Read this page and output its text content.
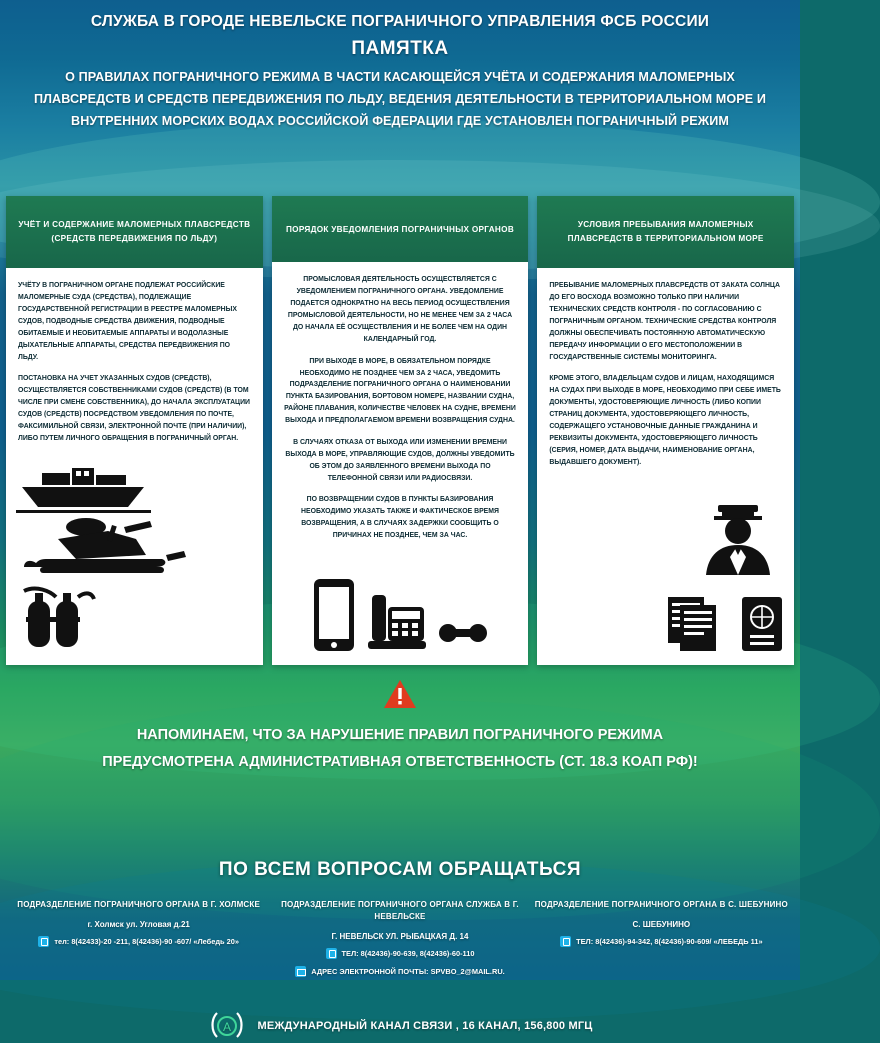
СЛУЖБА В ГОРОДЕ НЕВЕЛЬСКЕ ПОГРАНИЧНОГО УПРАВЛЕНИЯ ФСБ РОССИИ
ПАМЯТКА
О ПРАВИЛАХ ПОГРАНИЧНОГО РЕЖИМА В ЧАСТИ КАСАЮЩЕЙСЯ УЧЁТА И СОДЕРЖАНИЯ МАЛОМЕРНЫХ ПЛАВСРЕДСТВ И СРЕДСТВ ПЕРЕДВИЖЕНИЯ ПО ЛЬДУ, ВЕДЕНИЯ ДЕЯТЕЛЬНОСТИ В ТЕРРИТОРИАЛЬНОМ МОРЕ И ВНУТРЕННИХ МОРСКИХ ВОДАХ РОССИЙСКОЙ ФЕДЕРАЦИИ ГДЕ УСТАНОВЛЕН ПОГРАНИЧНЫЙ РЕЖИМ
УЧЁТ И СОДЕРЖАНИЕ МАЛОМЕРНЫХ ПЛАВСРЕДСТВ (СРЕДСТВ ПЕРЕДВИЖЕНИЯ ПО ЛЬДУ)

УЧЁТУ В ПОГРАНИЧНОМ ОРГАНЕ ПОДЛЕЖАТ РОССИЙСКИЕ МАЛОМЕРНЫЕ СУДА (СРЕДСТВА), ПОДЛЕЖАЩИЕ ГОСУДАРСТВЕННОЙ РЕГИСТРАЦИИ В РЕЕСТРЕ МАЛОМЕРНЫХ СУДОВ, ПОДВОДНЫЕ СРЕДСТВА ДВИЖЕНИЯ, ПОДВОДНЫЕ ОБИТАЕМЫЕ И НЕОБИТАЕМЫЕ АППАРАТЫ И ВОДОЛАЗНЫЕ ДЫХАТЕЛЬНЫЕ АППАРАТЫ, СРЕДСТВА ПЕРЕДВИЖЕНИЯ ПО ЛЬДУ.

ПОСТАНОВКА НА УЧЕТ УКАЗАННЫХ СУДОВ (СРЕДСТВ), ОСУЩЕСТВЛЯЕТСЯ СОБСТВЕННИКАМИ СУДОВ (СРЕДСТВ) (В ТОМ ЧИСЛЕ ПРИ СМЕНЕ СОБСТВЕННИКА), ДО НАЧАЛА ЭКСПЛУАТАЦИИ СУДОВ (СРЕДСТВ) ПОСРЕДСТВОМ УВЕДОМЛЕНИЯ ПО ПОЧТЕ, ФАКСИМИЛЬНОЙ СВЯЗИ, ЭЛЕКТРОННОЙ ПОЧТЕ (ПРИ НАЛИЧИИ), ЛИБО ПУТЕМ ЛИЧНОГО ОБРАЩЕНИЯ В ПОГРАНИЧНЫЙ ОРГАН.

ПОРЯДОК УВЕДОМЛЕНИЯ ПОГРАНИЧНЫХ ОРГАНОВ

ПРОМЫСЛОВАЯ ДЕЯТЕЛЬНОСТЬ ОСУЩЕСТВЛЯЕТСЯ С УВЕДОМЛЕНИЕМ ПОГРАНИЧНОГО ОРГАНА. УВЕДОМЛЕНИЕ ПОДАЕТСЯ ОДНОКРАТНО НА ВЕСЬ ПЕРИОД ОСУЩЕСТВЛЕНИЯ ПРОМЫСЛОВОЙ ДЕЯТЕЛЬНОСТИ, НО НЕ МЕНЕЕ ЧЕМ ЗА 2 ЧАСА ДО НАЧАЛА ЕЁ ОСУЩЕСТВЛЕНИЯ И НЕ БОЛЕЕ ЧЕМ НА ОДИН КАЛЕНДАРНЫЙ ГОД.

ПРИ ВЫХОДЕ В МОРЕ, В ОБЯЗАТЕЛЬНОМ ПОРЯДКЕ НЕОБХОДИМО НЕ ПОЗДНЕЕ ЧЕМ ЗА 2 ЧАСА, УВЕДОМИТЬ ПОДРАЗДЕЛЕНИЕ ПОГРАНИЧНОГО ОРГАНА О НАИМЕНОВАНИИ ПУНКТА БАЗИРОВАНИЯ, БОРТОВОМ НОМЕРЕ, НАЗВАНИИ СУДНА, РАЙОНЕ ПЛАВАНИЯ, КОЛИЧЕСТВЕ ЧЕЛОВЕК НА СУДНЕ, ВРЕМЕНИ ВЫХОДА И ПРЕДПОЛАГАЕМОМ ВРЕМЕНИ ВОЗВРАЩЕНИЯ СУДНА.

В СЛУЧАЯХ ОТКАЗА ОТ ВЫХОДА ИЛИ ИЗМЕНЕНИИ ВРЕМЕНИ ВЫХОДА В МОРЕ, УПРАВЛЯЮЩИЕ СУДОВ, ДОЛЖНЫ УВЕДОМИТЬ ОБ ЭТОМ ДО ЗАЯВЛЕННОГО ВРЕМЕНИ ВЫХОДА ПО ТЕЛЕФОННОЙ СВЯЗИ ИЛИ РАДИОСВЯЗИ.

ПО ВОЗВРАЩЕНИИ СУДОВ В ПУНКТЫ БАЗИРОВАНИЯ НЕОБХОДИМО УКАЗАТЬ ТАКЖЕ И ФАКТИЧЕСКОЕ ВРЕМЯ ВОЗВРАЩЕНИЯ, А В СЛУЧАЯХ ЗАДЕРЖКИ СООБЩИТЬ О ПРИЧИНАХ НЕ ПОЗДНЕЕ, ЧЕМ ЗА ЧАС.

УСЛОВИЯ ПРЕБЫВАНИЯ МАЛОМЕРНЫХ ПЛАВСРЕДСТВ В ТЕРРИТОРИАЛЬНОМ МОРЕ

ПРЕБЫВАНИЕ МАЛОМЕРНЫХ ПЛАВСРЕДСТВ ОТ ЗАКАТА СОЛНЦА ДО ЕГО ВОСХОДА ВОЗМОЖНО ТОЛЬКО ПРИ НАЛИЧИИ ТЕХНИЧЕСКИХ СРЕДСТВ КОНТРОЛЯ - ПО СОГЛАСОВАНИЮ С ПОГРАНИЧНЫМ ОРГАНОМ. ТЕХНИЧЕСКИЕ СРЕДСТВА КОНТРОЛЯ ДОЛЖНЫ ОБЕСПЕЧИВАТЬ ПОСТОЯННУЮ АВТОМАТИЧЕСКУЮ ПЕРЕДАЧУ ИНФОРМАЦИИ О ЕГО МЕСТОПОЛОЖЕНИИ В ГОСУДАРСТВЕННЫЕ СИСТЕМЫ МОНИТОРИНГА.

КРОМЕ ЭТОГО, ВЛАДЕЛЬЦАМ СУДОВ И ЛИЦАМ, НАХОДЯЩИМСЯ НА СУДАХ ПРИ ВЫХОДЕ В МОРЕ, НЕОБХОДИМО ПРИ СЕБЕ ИМЕТЬ ДОКУМЕНТЫ, УДОСТОВЕРЯЮЩИЕ ЛИЧНОСТЬ (ЛИБО КОПИИ СТРАНИЦ ДОКУМЕНТА, УДОСТОВЕРЯЮЩЕГО ЛИЧНОСТЬ, СОДЕРЖАЩЕГО УСТАНОВОЧНЫЕ ДАННЫЕ ГРАЖДАНИНА И РЕКВИЗИТЫ ДОКУМЕНТА, УДОСТОВЕРЯЮЩЕГО ЛИЧНОСТЬ (СЕРИЯ, НОМЕР, ДАТА ВЫДАЧИ, НАИМЕНОВАНИЕ ОРГАНА, ВЫДАВШЕГО ДОКУМЕНТ).

НАПОМИНАЕМ, ЧТО ЗА НАРУШЕНИЕ ПРАВИЛ ПОГРАНИЧНОГО РЕЖИМА
ПРЕДУСМОТРЕНА АДМИНИСТРАТИВНАЯ ОТВЕТСТВЕННОСТЬ (СТ. 18.3 КОАП РФ)!
ПО ВСЕМ ВОПРОСАМ ОБРАЩАТЬСЯ
ПОДРАЗДЕЛЕНИЕ ПОГРАНИЧНОГО ОРГАНА В Г. ХОЛМСКЕ
г. Холмск ул. Угловая д.21
тел: 8(42433)-20 -211, 8(42436)-90 -607/ «Лебедь 20»
ПОДРАЗДЕЛЕНИЕ ПОГРАНИЧНОГО ОРГАНА СЛУЖБА В Г. НЕВЕЛЬСКЕ
Г. НЕВЕЛЬСК УЛ. РЫБАЦКАЯ Д. 14
ТЕЛ: 8(42436)-90-639, 8(42436)-60-110
АДРЕС ЭЛЕКТРОННОЙ ПОЧТЫ: SPVBO_2@MAIL.RU.
ПОДРАЗДЕЛЕНИЕ ПОГРАНИЧНОГО ОРГАНА В С. ШЕБУНИНО
С. ШЕБУНИНО
ТЕЛ: 8(42436)-94-342, 8(42436)-90-609/ «ЛЕБЕДЬ 11»
A МЕЖДУНАРОДНЫЙ КАНАЛ СВЯЗИ , 16 КАНАЛ, 156,800 МГЦ
